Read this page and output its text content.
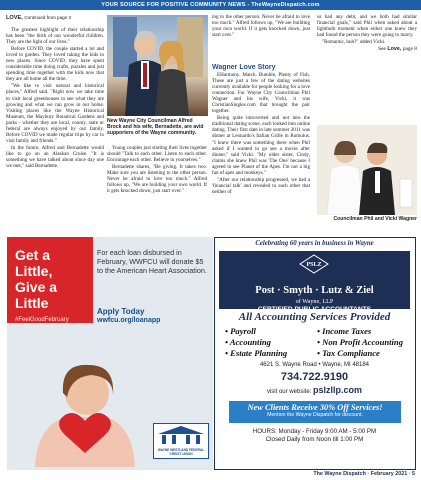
YOUR SOURCE FOR POSITIVE COMMUNITY NEWS - TheWayneDispatch.com
LOVE, Continued from page 3

The greatest highlight of their relationship has been "the birth of our wonderful children. They are the light of our lives."

Before COVID, the couple started a lot and loved to garden. They loved taking the kids to new places. Since COVID, they have spent considerable time doing crafts, puzzles and just spending time together with the kids now that they are all home all the time.

"We like to visit natural and historical places," Alfred said. "Right now we take time to visit local greenhouses to see what they are growing and what we can grow in our home. Visiting places like the Wayne Historical Museum, the Maybury Botanical Gardens and parks - whether they are local, county, state or federal are always enjoyed by our family. Before COVID we made regular trips by car to visit family and friends."

In the future, Alfred and Bernadette would like to go on an Alaskan Cruise. "It is something we have talked about since day one we met," said Bernadette.

New Wayne City Councilman Alfred Brock and his wife, Bernadette, are avid supporters of the Wayne community.

Young couples just starting their lives together should "Talk to each other. Listen to each other. Encourage each other. Believe in yourselves."

Bernadette shares, "Be giving. It takes two. Make sure you are listening to the other person. Never be afraid to love too much." Alfred follows up, "We are building your own world. If it gets knocked down, just start over."

ing to the other person. Never be afraid to love too much." Alfred follows up, "We are building your own world. If it gets knocked down, just start over."

Wagner Love Story

EHarmony. Match. Bumble, Plenty of Fish. These are just a few of the dating websites currently available for people looking for a love connection. For Wayne City Councilman Phil Wagner and his wife, Vicki, it was ChristianSingles.com that brought the pair together.

Being quite introverted and not into the traditional dating scene, each looked into online dating. Their first date in late summer 2011 was dinner at Leonardo's Italian Grille in Romulus. "I knew there was something there when Phil asked if I wanted to go see a movie after dinner," said Vicki. "My older sister, Cindy, claims she knew Phil was 'The One' because I agreed to see Planet of the Apes. I'm not a big fan of apes and monkeys."

"After our relationship progressed, we had a 'financial talk' and revealed to each other that neither of

us had any debt, and we both had similar financial goals," said Phil when asked about a lightbulb moment when either one knew they had found the person they were going to marry.

"Romantic, huh?" added Vicki.

See Love, page 8
Councilman Phil and Vicki Wagner
Get a Little, Give a Little
#FeelGoodFebruary
For each loan disbursed in February, WWFCU will donate $5 to the American Heart Association.
Apply Today
wwfcu.org/loanapp
WAYNE WESTLAND FEDERAL CREDIT UNION
Celebrating 60 years in business in Wayne
PSLZ
Post · Smyth · Lutz & Ziel
of Wayne, LLP
CERTIFIED PUBLIC ACCOUNTANTS
All Accounting Services Provided
• Payroll
• Accounting
• Estate Planning
• Income Taxes
• Non Profit Accounting
• Tax Compliance
4621 S. Wayne Road • Wayne, MI 48184
734.722.9190
visit our website: pslzllp.com
New Clients Receive 30% Off Services!
Mention the Wayne Dispatch for discount.
HOURS: Monday - Friday 9:00 AM - 5:00 PM
Closed Daily from Noon till 1:00 PM
The Wayne Dispatch · February 2021 · 5
